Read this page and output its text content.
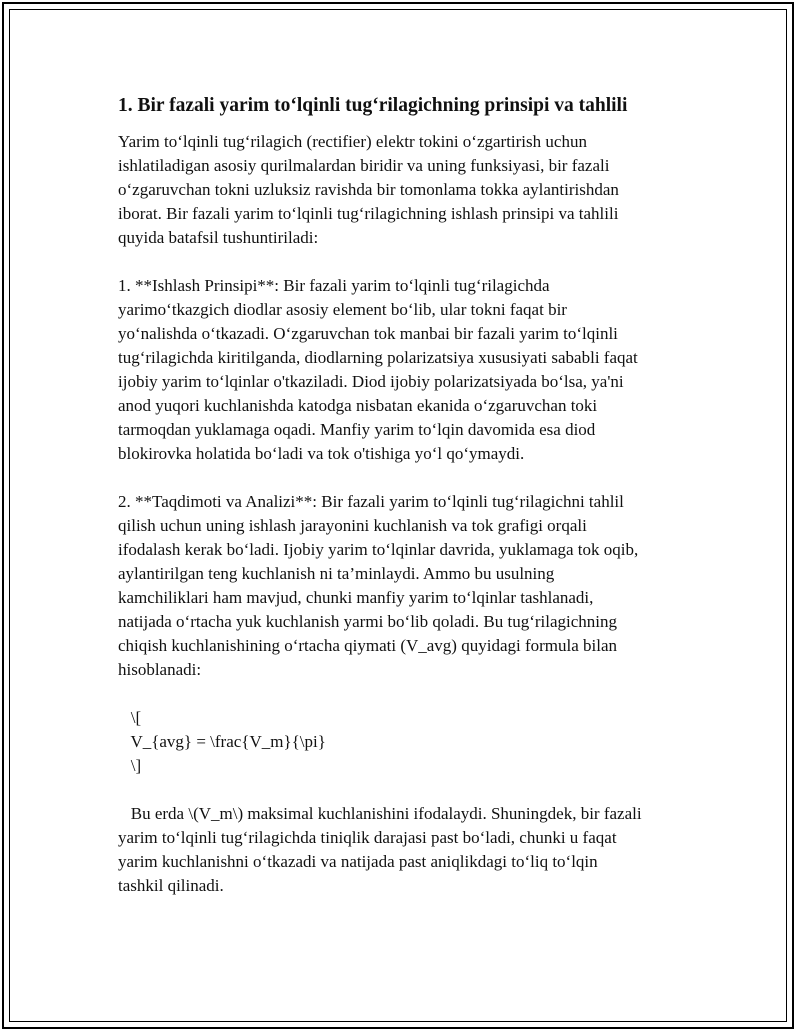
1. Bir fazali yarim to‘lqinli tug‘rilagichning prinsipi va tahlili

Yarim to‘lqinli tug‘rilagich (rectifier) elektr tokini o‘zgartirish uchun
ishlatiladigan asosiy qurilmalardan biridir va uning funksiyasi, bir fazali
o‘zgaruvchan tokni uzluksiz ravishda bir tomonlama tokka aylantirishdan
iborat. Bir fazali yarim to‘lqinli tug‘rilagichning ishlash prinsipi va tahlili
quyida batafsil tushuntiriladi:

1. **Ishlash Prinsipi**: Bir fazali yarim to‘lqinli tug‘rilagichda
yarimo‘tkazgich diodlar asosiy element bo‘lib, ular tokni faqat bir
yo‘nalishda o‘tkazadi. O‘zgaruvchan tok manbai bir fazali yarim to‘lqinli
tug‘rilagichda kiritilganda, diodlarning polarizatsiya xususiyati sababli faqat
ijobiy yarim to‘lqinlar o'tkaziladi. Diod ijobiy polarizatsiyada bo‘lsa, ya'ni
anod yuqori kuchlanishda katodga nisbatan ekanida o‘zgaruvchan toki
tarmoqdan yuklamaga oqadi. Manfiy yarim to‘lqin davomida esa diod
blokirovka holatida bo‘ladi va tok o'tishiga yo‘l qo‘ymaydi.

2. **Taqdimoti va Analizi**: Bir fazali yarim to‘lqinli tug‘rilagichni tahlil
qilish uchun uning ishlash jarayonini kuchlanish va tok grafigi orqali
ifodalash kerak bo‘ladi. Ijobiy yarim to‘lqinlar davrida, yuklamaga tok oqib,
aylantirilgan teng kuchlanish ni ta’minlaydi. Ammo bu usulning
kamchiliklari ham mavjud, chunki manfiy yarim to‘lqinlar tashlanadi,
natijada o‘rtacha yuk kuchlanish yarmi bo‘lib qoladi. Bu tug‘rilagichning
chiqish kuchlanishining o‘rtacha qiymati (V_avg) quyidagi formula bilan
hisoblanadi:

\[
V_{avg} = \frac{V_m}{\pi}
\]

Bu erda \(V_m\) maksimal kuchlanishini ifodalaydi. Shuningdek, bir fazali
yarim to‘lqinli tug‘rilagichda tiniqlik darajasi past bo‘ladi, chunki u faqat
yarim kuchlanishni o‘tkazadi va natijada past aniqlikdagi to‘liq to‘lqin
tashkil qilinadi.
